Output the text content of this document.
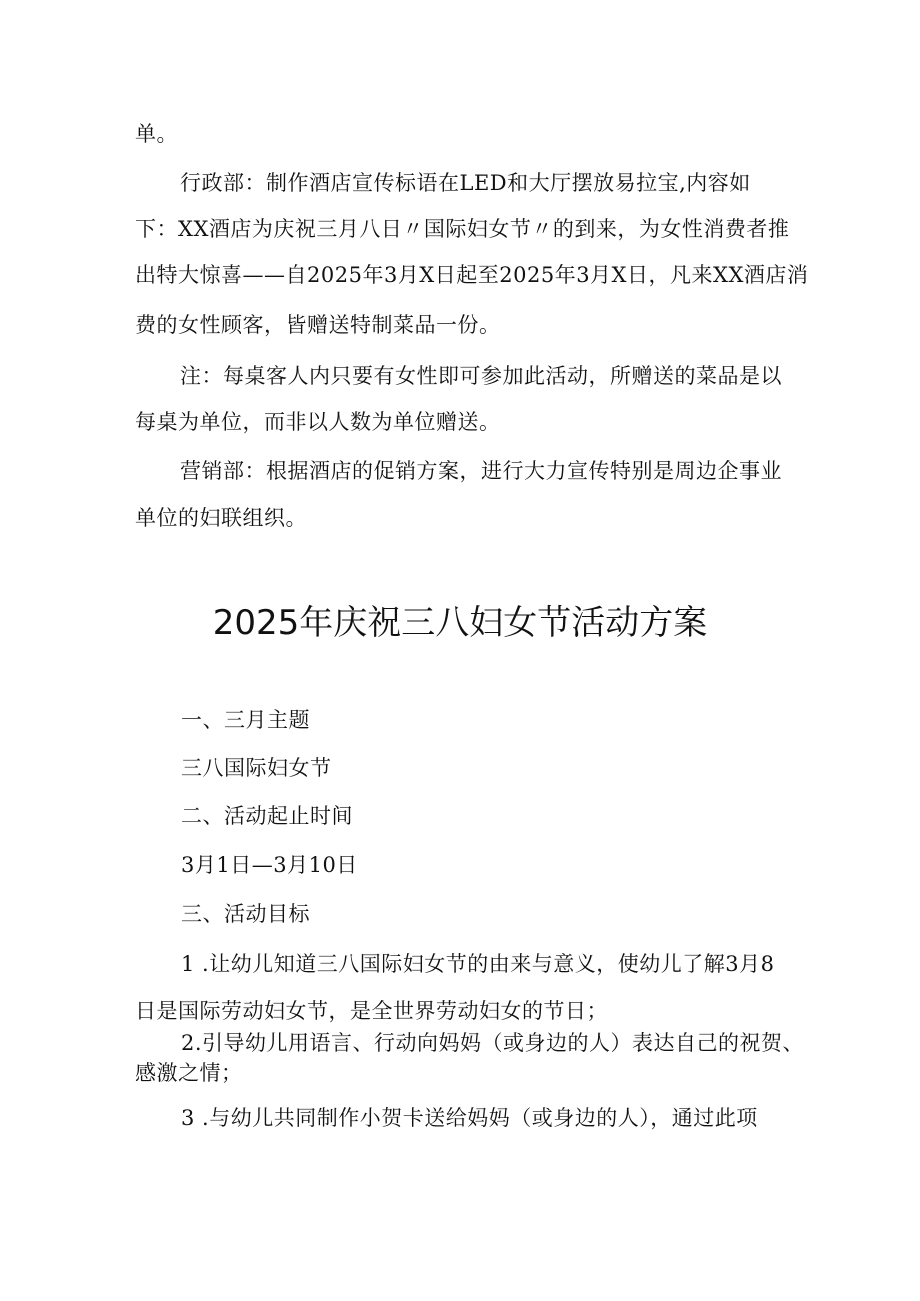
单。
行政部：制作酒店宣传标语在LED和大厅摆放易拉宝,内容如
下：XX酒店为庆祝三月八日〃国际妇女节〃的到来，为女性消费者推
出特大惊喜——自2025年3月X日起至2025年3月X日，凡来XX酒店消
费的女性顾客，皆赠送特制菜品一份。
注：每桌客人内只要有女性即可参加此活动，所赠送的菜品是以
每桌为单位，而非以人数为单位赠送。
营销部：根据酒店的促销方案，进行大力宣传特别是周边企事业
单位的妇联组织。
2025年庆祝三八妇女节活动方案
一、三月主题
三八国际妇女节
二、活动起止时间
3月1日—3月10日
三、活动目标
1 .让幼儿知道三八国际妇女节的由来与意义，使幼儿了解3月8
日是国际劳动妇女节，是全世界劳动妇女的节日；
2.引导幼儿用语言、行动向妈妈（或身边的人）表达自己的祝贺、
感激之情；
3 .与幼儿共同制作小贺卡送给妈妈（或身边的人），通过此项
